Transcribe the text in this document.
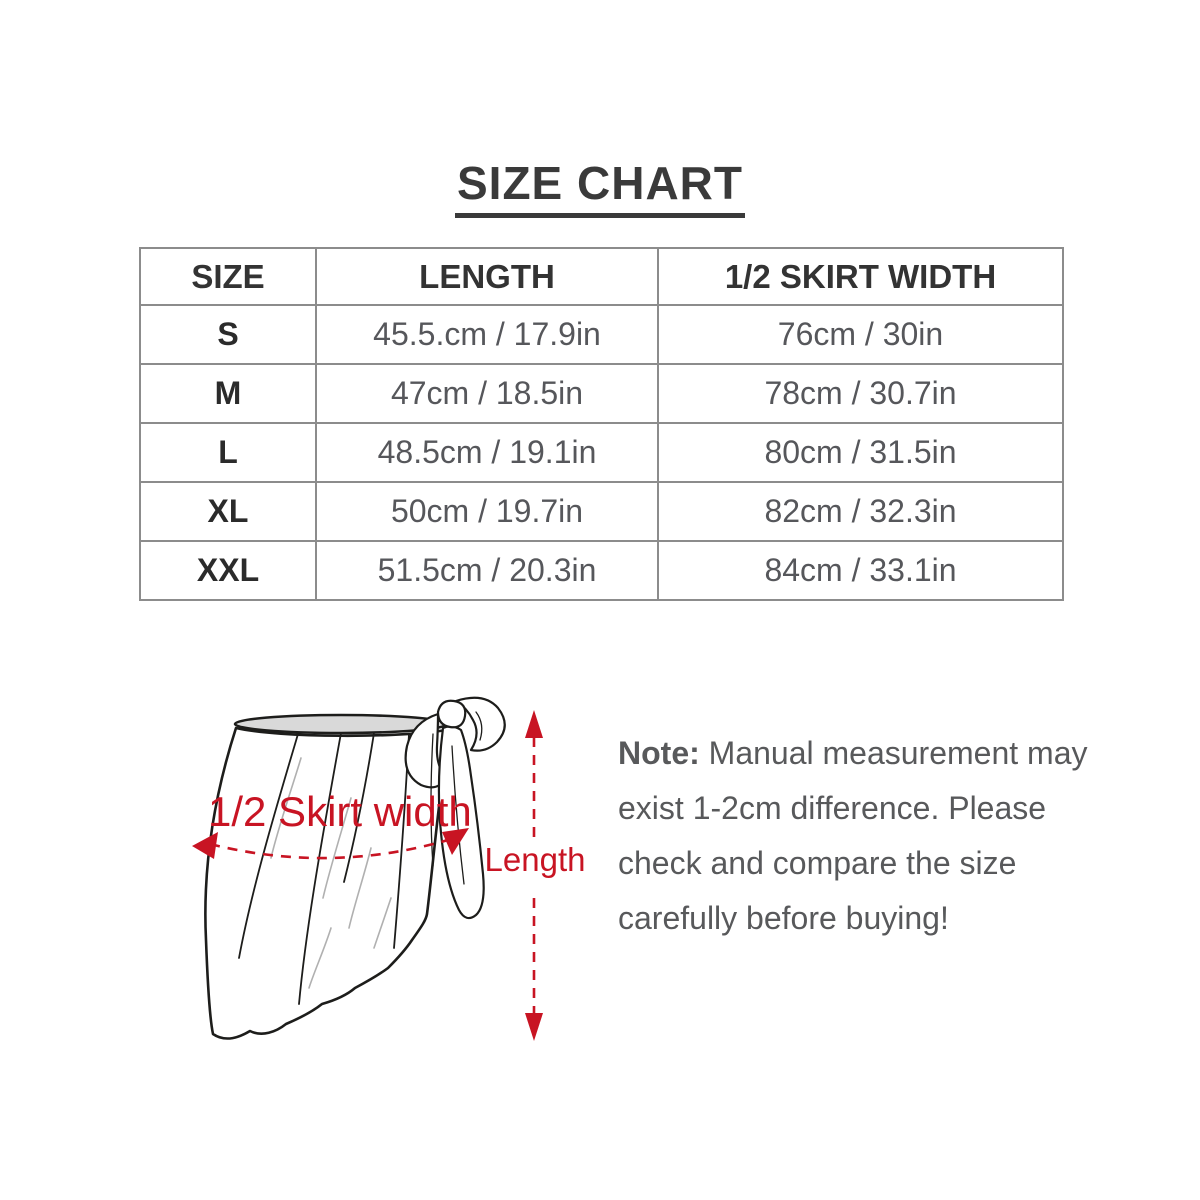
SIZE CHART
SIZE	LENGTH	1/2 SKIRT WIDTH
S	45.5.cm / 17.9in	76cm / 30in
M	47cm / 18.5in	78cm / 30.7in
L	48.5cm / 19.1in	80cm / 31.5in
XL	50cm / 19.7in	82cm / 32.3in
XXL	51.5cm / 20.3in	84cm / 33.1in
1/2 Skirt width
Length
Note: Manual measurement may
exist 1-2cm difference. Please
check and compare the size
carefully before buying!
